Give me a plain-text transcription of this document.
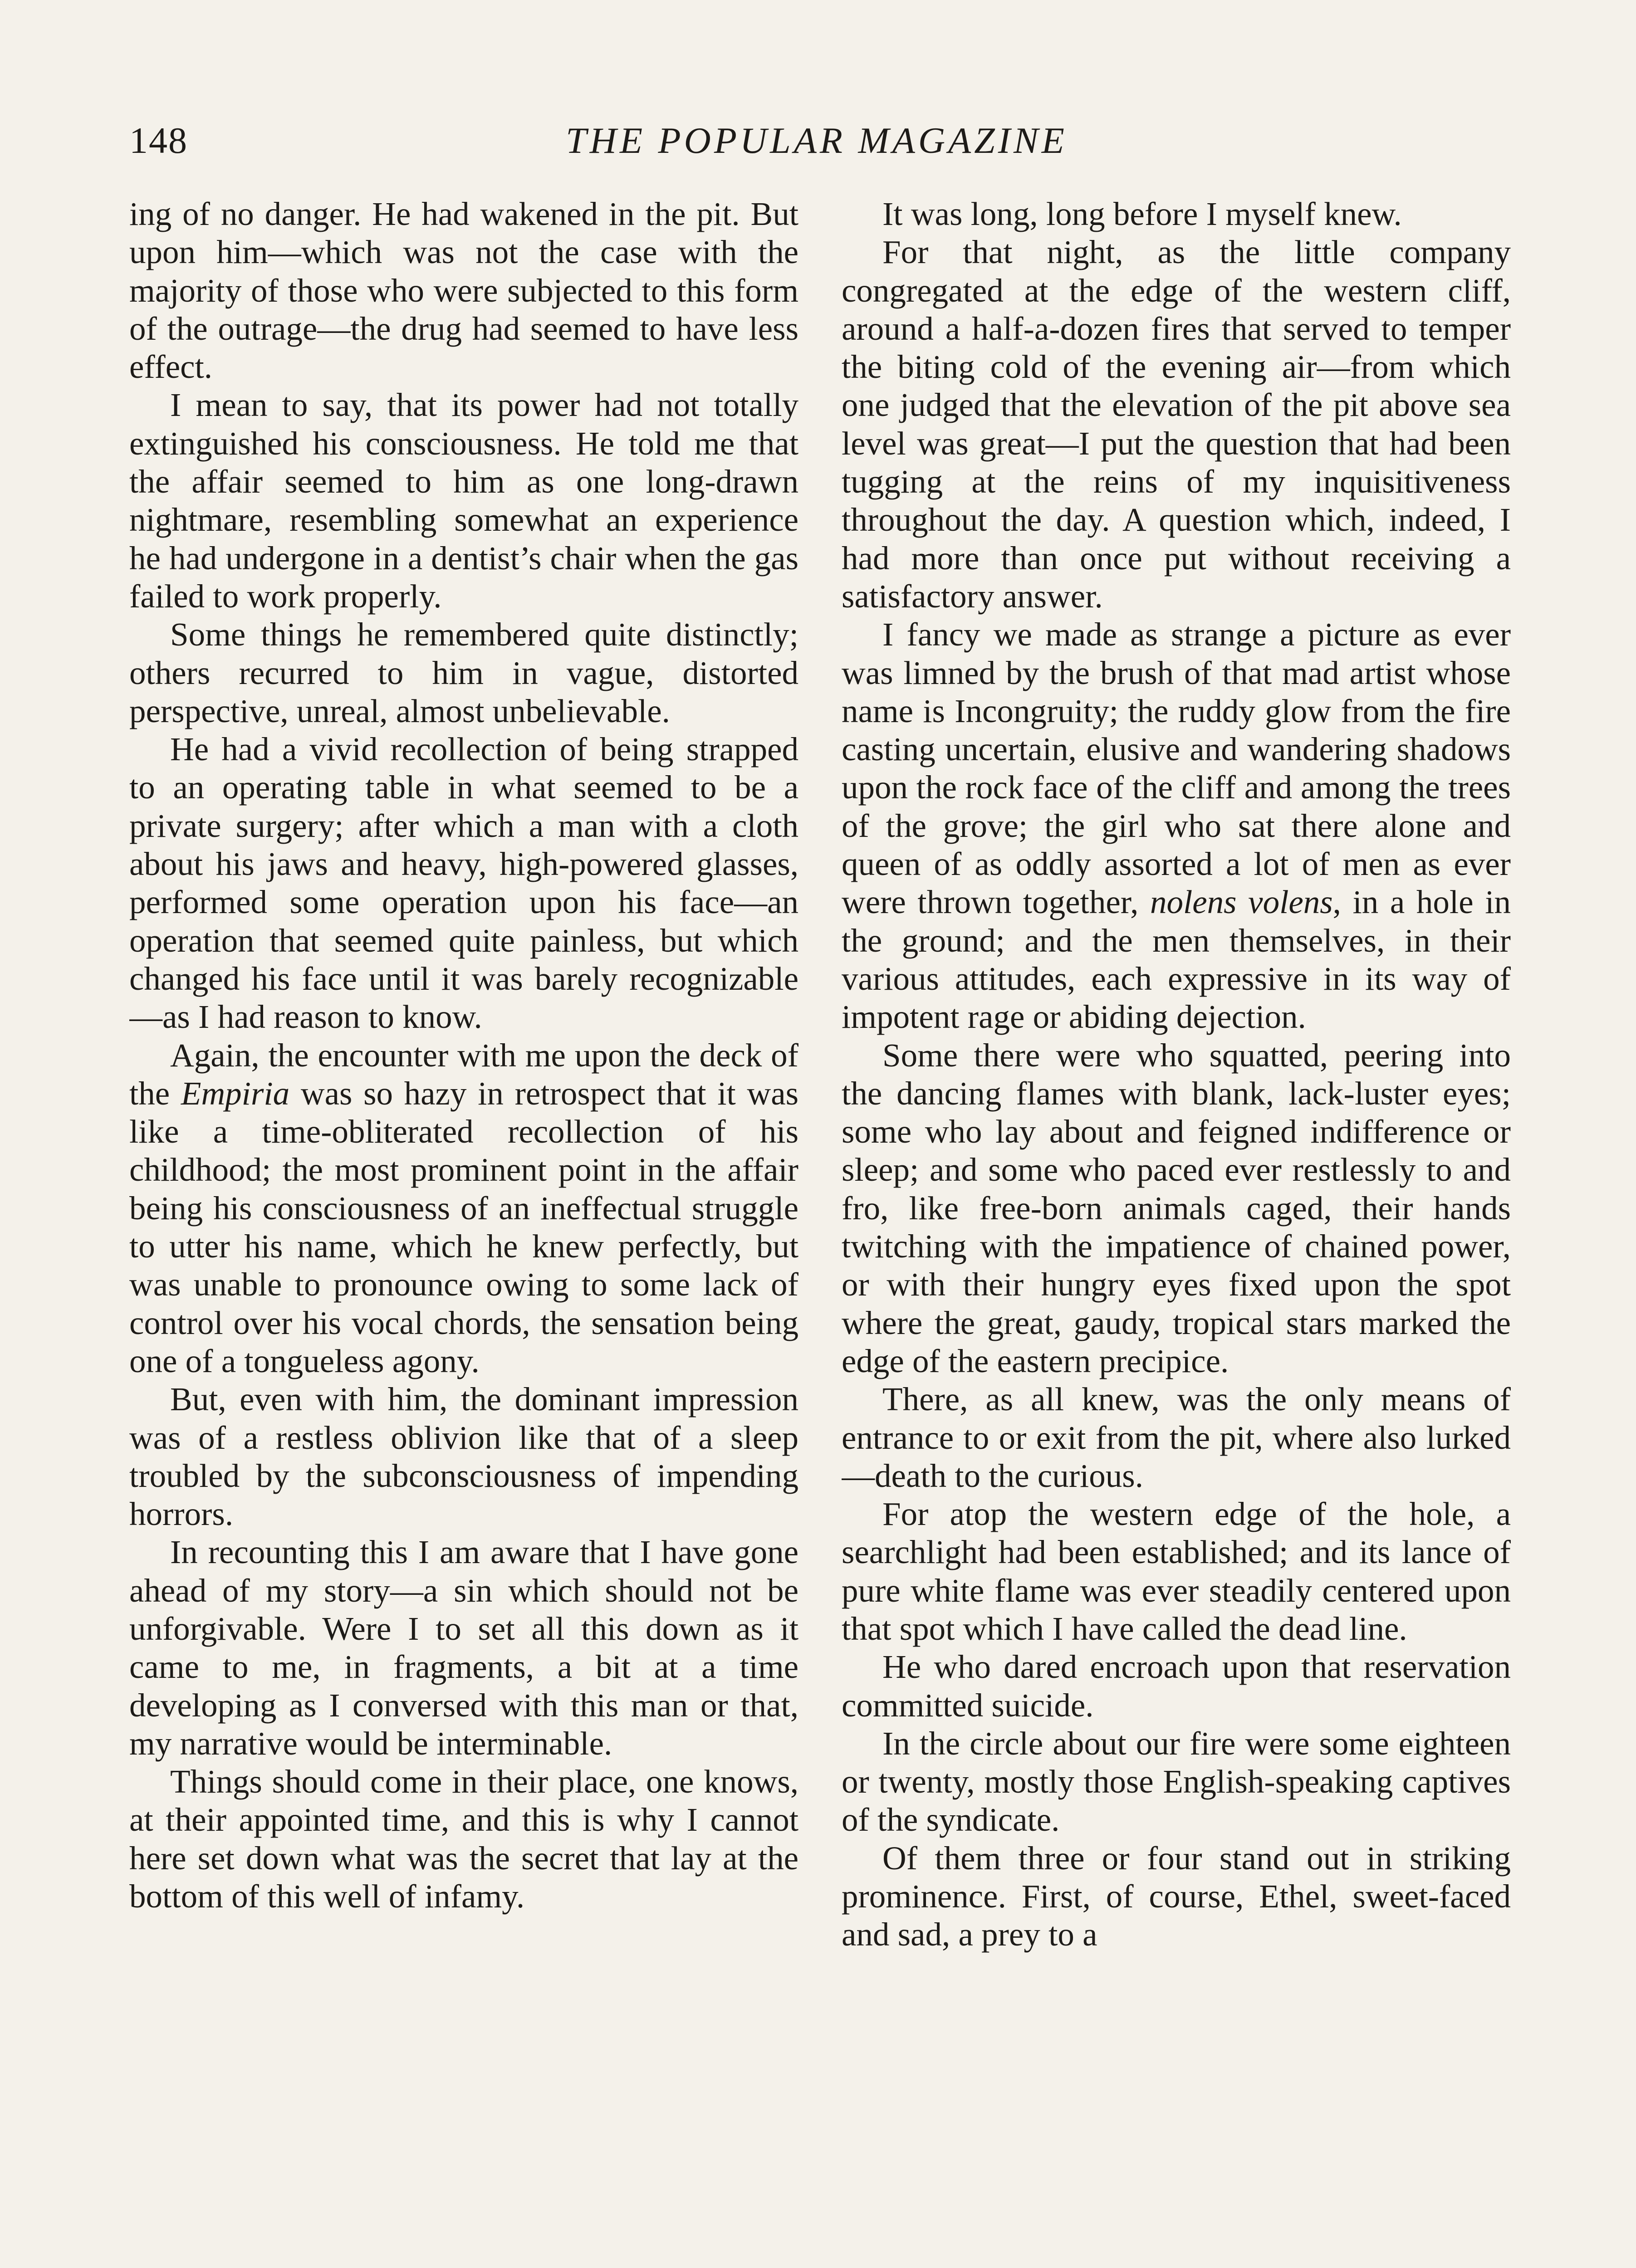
148	THE POPULAR MAGAZINE

ing of no danger. He had wakened in the pit. But upon him—which was not the case with the majority of those who were subjected to this form of the outrage—the drug had seemed to have less effect.

I mean to say, that its power had not totally extinguished his consciousness. He told me that the affair seemed to him as one long-drawn nightmare, resembling somewhat an experience he had undergone in a dentist’s chair when the gas failed to work properly.

Some things he remembered quite distinctly; others recurred to him in vague, distorted perspective, unreal, almost unbelievable.

He had a vivid recollection of being strapped to an operating table in what seemed to be a private surgery; after which a man with a cloth about his jaws and heavy, high-powered glasses, performed some operation upon his face—an operation that seemed quite painless, but which changed his face until it was barely recognizable—as I had reason to know.

Again, the encounter with me upon the deck of the Empiria was so hazy in retrospect that it was like a time-obliterated recollection of his childhood; the most prominent point in the affair being his consciousness of an ineffectual struggle to utter his name, which he knew perfectly, but was unable to pronounce owing to some lack of control over his vocal chords, the sensation being one of a tongueless agony.

But, even with him, the dominant impression was of a restless oblivion like that of a sleep troubled by the subconsciousness of impending horrors.

In recounting this I am aware that I have gone ahead of my story—a sin which should not be unforgivable. Were I to set all this down as it came to me, in fragments, a bit at a time developing as I conversed with this man or that, my narrative would be interminable.

Things should come in their place, one knows, at their appointed time, and this is why I cannot here set down what was the secret that lay at the bottom of this well of infamy.

It was long, long before I myself knew.

For that night, as the little company congregated at the edge of the western cliff, around a half-a-dozen fires that served to temper the biting cold of the evening air—from which one judged that the elevation of the pit above sea level was great—I put the question that had been tugging at the reins of my inquisitiveness throughout the day. A question which, indeed, I had more than once put without receiving a satisfactory answer.

I fancy we made as strange a picture as ever was limned by the brush of that mad artist whose name is Incongruity; the ruddy glow from the fire casting uncertain, elusive and wandering shadows upon the rock face of the cliff and among the trees of the grove; the girl who sat there alone and queen of as oddly assorted a lot of men as ever were thrown together, nolens volens, in a hole in the ground; and the men themselves, in their various attitudes, each expressive in its way of impotent rage or abiding dejection.

Some there were who squatted, peering into the dancing flames with blank, lack-luster eyes; some who lay about and feigned indifference or sleep; and some who paced ever restlessly to and fro, like free-born animals caged, their hands twitching with the impatience of chained power, or with their hungry eyes fixed upon the spot where the great, gaudy, tropical stars marked the edge of the eastern precipice.

There, as all knew, was the only means of entrance to or exit from the pit, where also lurked—death to the curious.

For atop the western edge of the hole, a searchlight had been established; and its lance of pure white flame was ever steadily centered upon that spot which I have called the dead line.

He who dared encroach upon that reservation committed suicide.

In the circle about our fire were some eighteen or twenty, mostly those English-speaking captives of the syndicate.

Of them three or four stand out in striking prominence. First, of course, Ethel, sweet-faced and sad, a prey to a
